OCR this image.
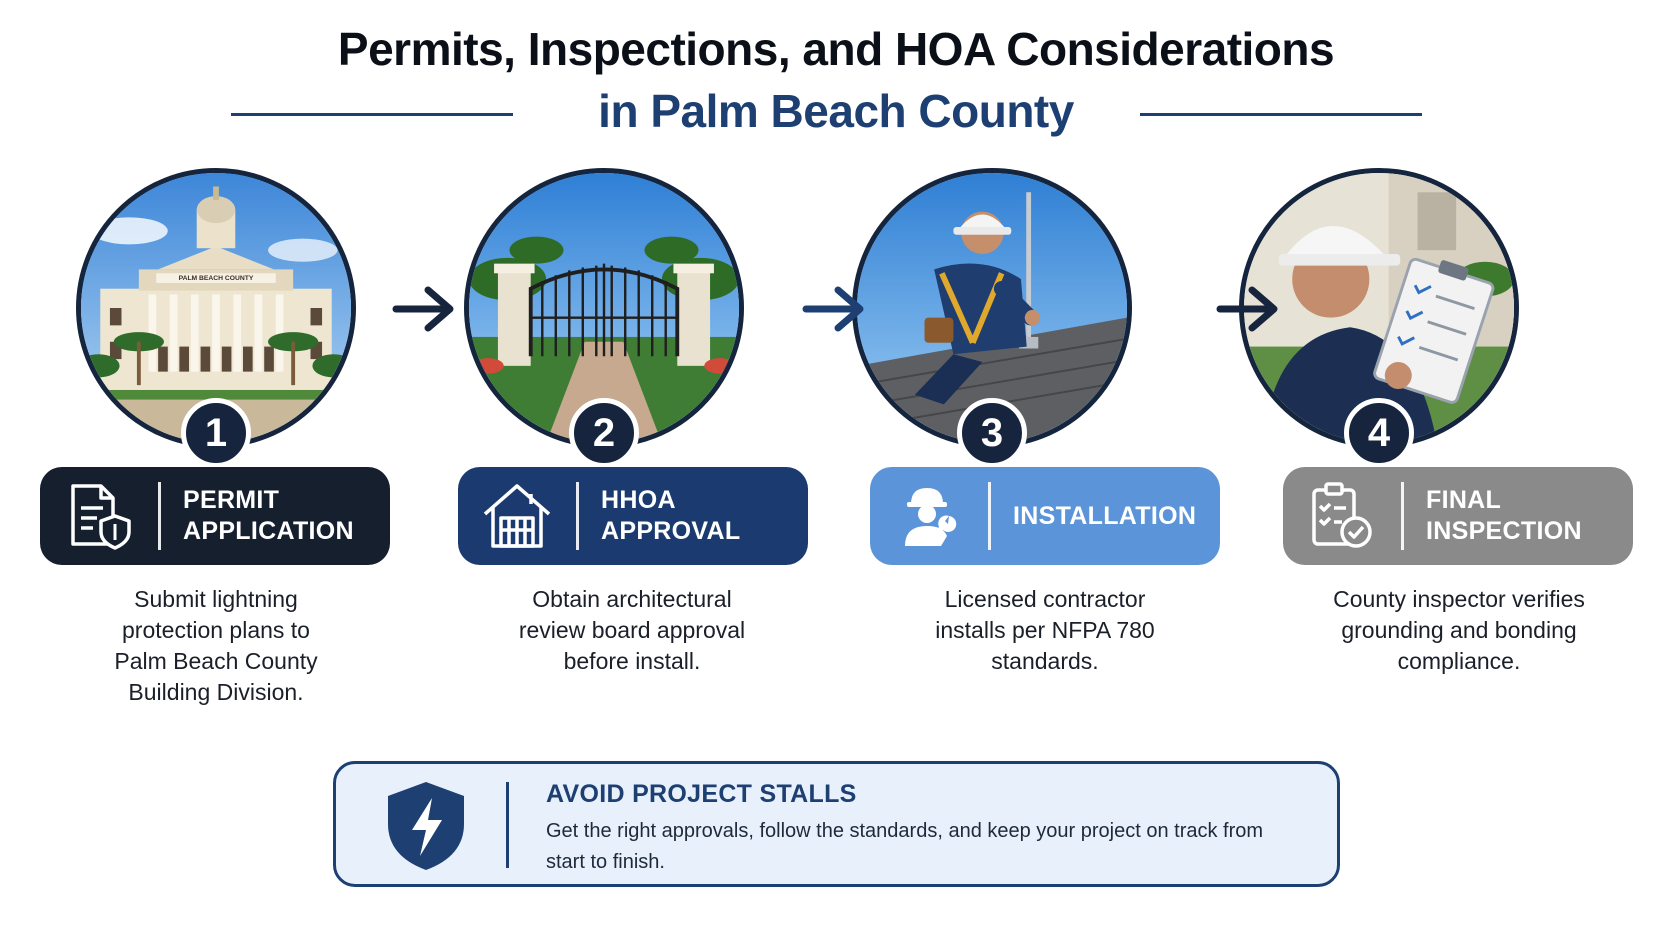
Permits, Inspections, and HOA Considerations
in Palm Beach County
PALM BEACH COUNTY
1	2	3	4
PERMIT
APPLICATION
HHOA
APPROVAL
INSTALLATION
FINAL
INSPECTION
Submit lightning
protection plans to
Palm Beach County
Building Division.
Obtain architectural
review board approval
before install.
Licensed contractor
installs per NFPA 780
standards.
County inspector verifies
grounding and bonding
compliance.
AVOID PROJECT STALLS
Get the right approvals, follow the standards, and keep your project on track from start to finish.
